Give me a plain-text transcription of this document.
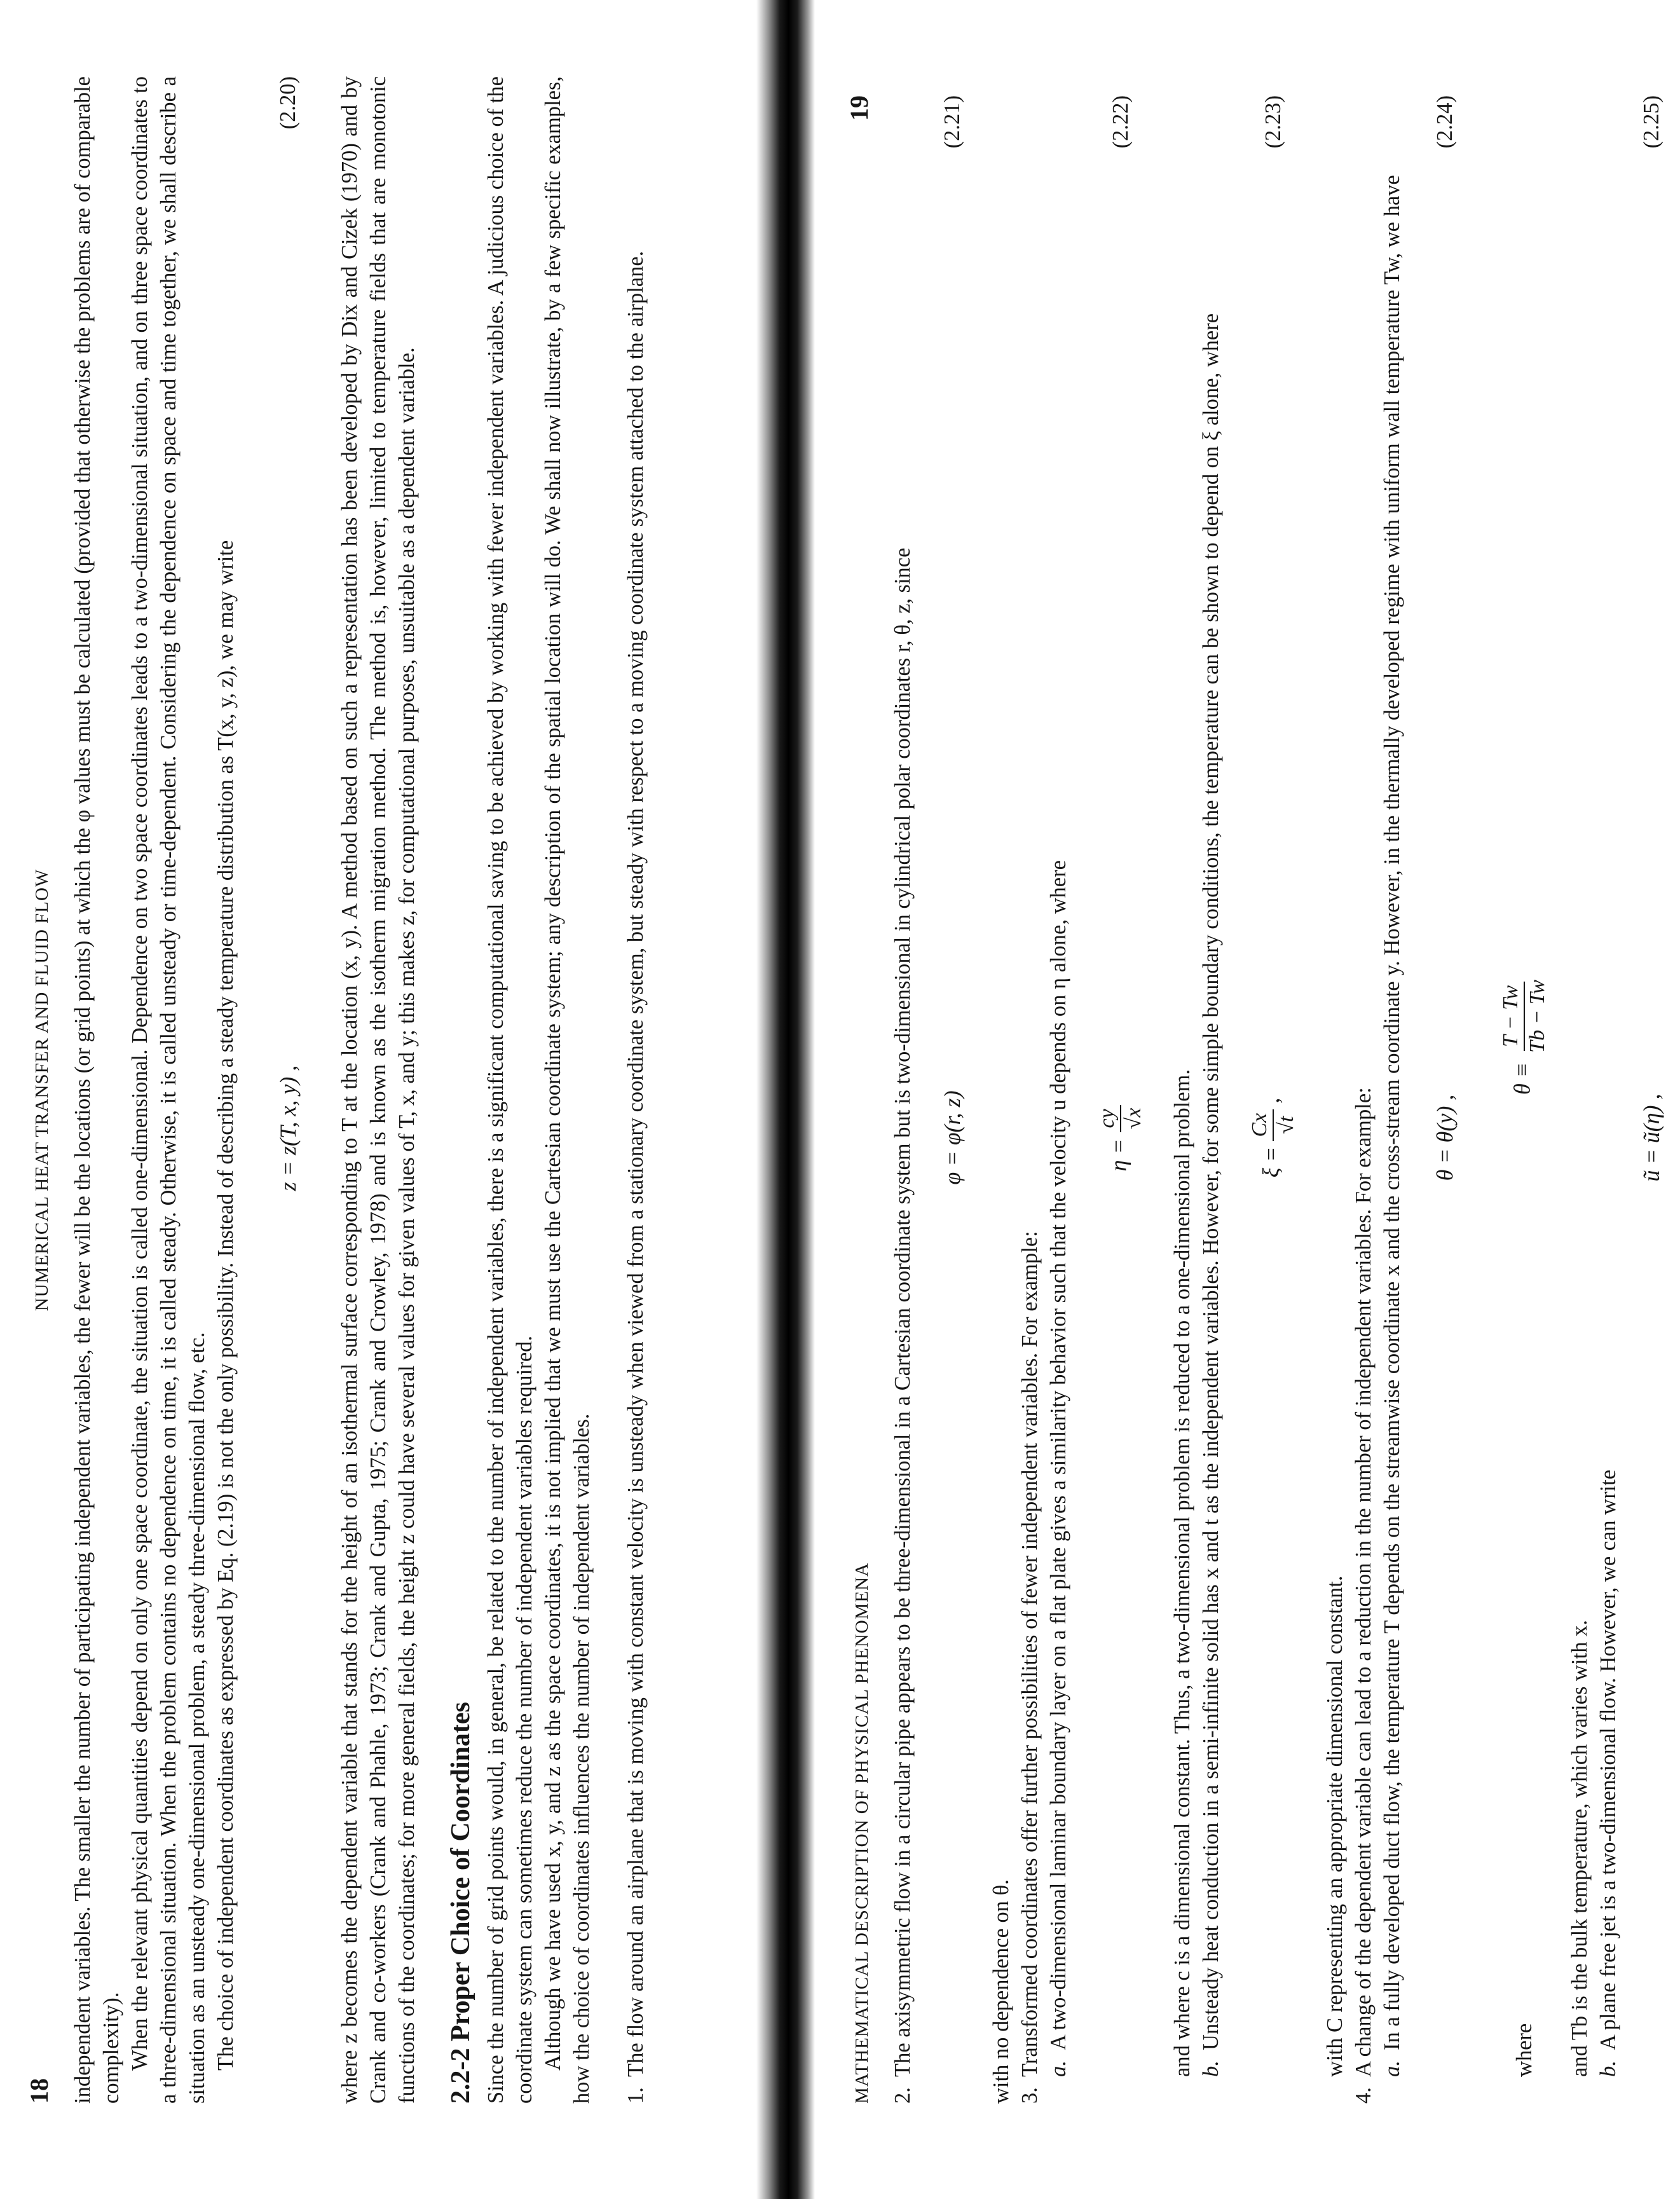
18
NUMERICAL HEAT TRANSFER AND FLUID FLOW independent variables. The smaller the number of participating independent variables, the fewer will be the locations (or grid points) at which the φ values must be calculated (provided that otherwise the problems are of comparable complexity). When the relevant physical quantities depend on only one space coordinate, the situation is called one-dimensional. Dependence on two space coordinates leads to a two-dimensional situation, and on three space coordinates to a three-dimensional situation. When the problem contains no dependence on time, it is called steady. Otherwise, it is called unsteady or time-dependent. Considering the dependence on space and time together, we shall describe a situation as an unsteady one-dimensional problem, a steady three-dimensional flow, etc. The choice of independent coordinates as expressed by Eq. (2.19) is not the only possibility. Instead of describing a steady temperature distribution as T(x, y, z), we may write z = z(T, x, y) ,
(2.20) where z becomes the dependent variable that stands for the height of an isothermal surface corresponding to T at the location (x, y). A method based on such a representation has been developed by Dix and Cizek (1970) and by Crank and co-workers (Crank and Phahle, 1973; Crank and Gupta, 1975; Crank and Crowley, 1978) and is known as the isotherm migration method. The method is, however, limited to temperature fields that are monotonic functions of the coordinates; for more general fields, the height z could have several values for given values of T, x, and y; this makes z, for computational purposes, unsuitable as a dependent variable. 2.2-2 Proper Choice of Coordinates Since the number of grid points would, in general, be related to the number of independent variables, there is a significant computational saving to be achieved by working with fewer independent variables. A judicious choice of the coordinate system can sometimes reduce the number of independent variables required. Although we have used x, y, and z as the space coordinates, it is not implied that we must use the Cartesian coordinate system; any description of the spatial location will do. We shall now illustrate, by a few specific examples, how the choice of coordinates influences the number of independent variables. 1.
The flow around an airplane that is moving with constant velocity is unsteady when viewed from a stationary coordinate system, but steady with respect to a moving coordinate system attached to the airplane.	MATHEMATICAL DESCRIPTION OF PHYSICAL PHENOMENA
19
2.
The axisymmetric flow in a circular pipe appears to be three-dimensional in a Cartesian coordinate system but is two-dimensional in cylindrical polar coordinates r, θ, z, since φ = φ(r, z)
(2.21)

with no dependence on θ. 3.
Transformed coordinates offer further possibilities of fewer independent variables. For example: a.
A two-dimensional laminar boundary layer on a flat plate gives a similarity behavior such that the velocity u depends on η alone, where	η =
cy √x
(2.22)

and where c is a dimensional constant. Thus, a two-dimensional problem is reduced to a one-dimensional problem. b.
Unsteady heat conduction in a semi-infinite solid has x and t as the independent variables. However, for some simple boundary conditions, the temperature can be shown to depend on ξ alone, where	ξ =
Cx √t
,
(2.23)

with C representing an appropriate dimensional constant.

4.
A change of the dependent variable can lead to a reduction in the number of independent variables. For example: a.
In a fully developed duct flow, the temperature T depends on the streamwise coordinate x and the cross-stream coordinate y. However, in the thermally developed regime with uniform wall temperature Tw, we have θ = θ(y) ,
(2.24)
where
θ ≡
T − Tw Tb − Tw

and Tb is the bulk temperature, which varies with x. b.
A plane free jet is a two-dimensional flow. However, we can write
ũ = ũ(η) ,
(2.25)
